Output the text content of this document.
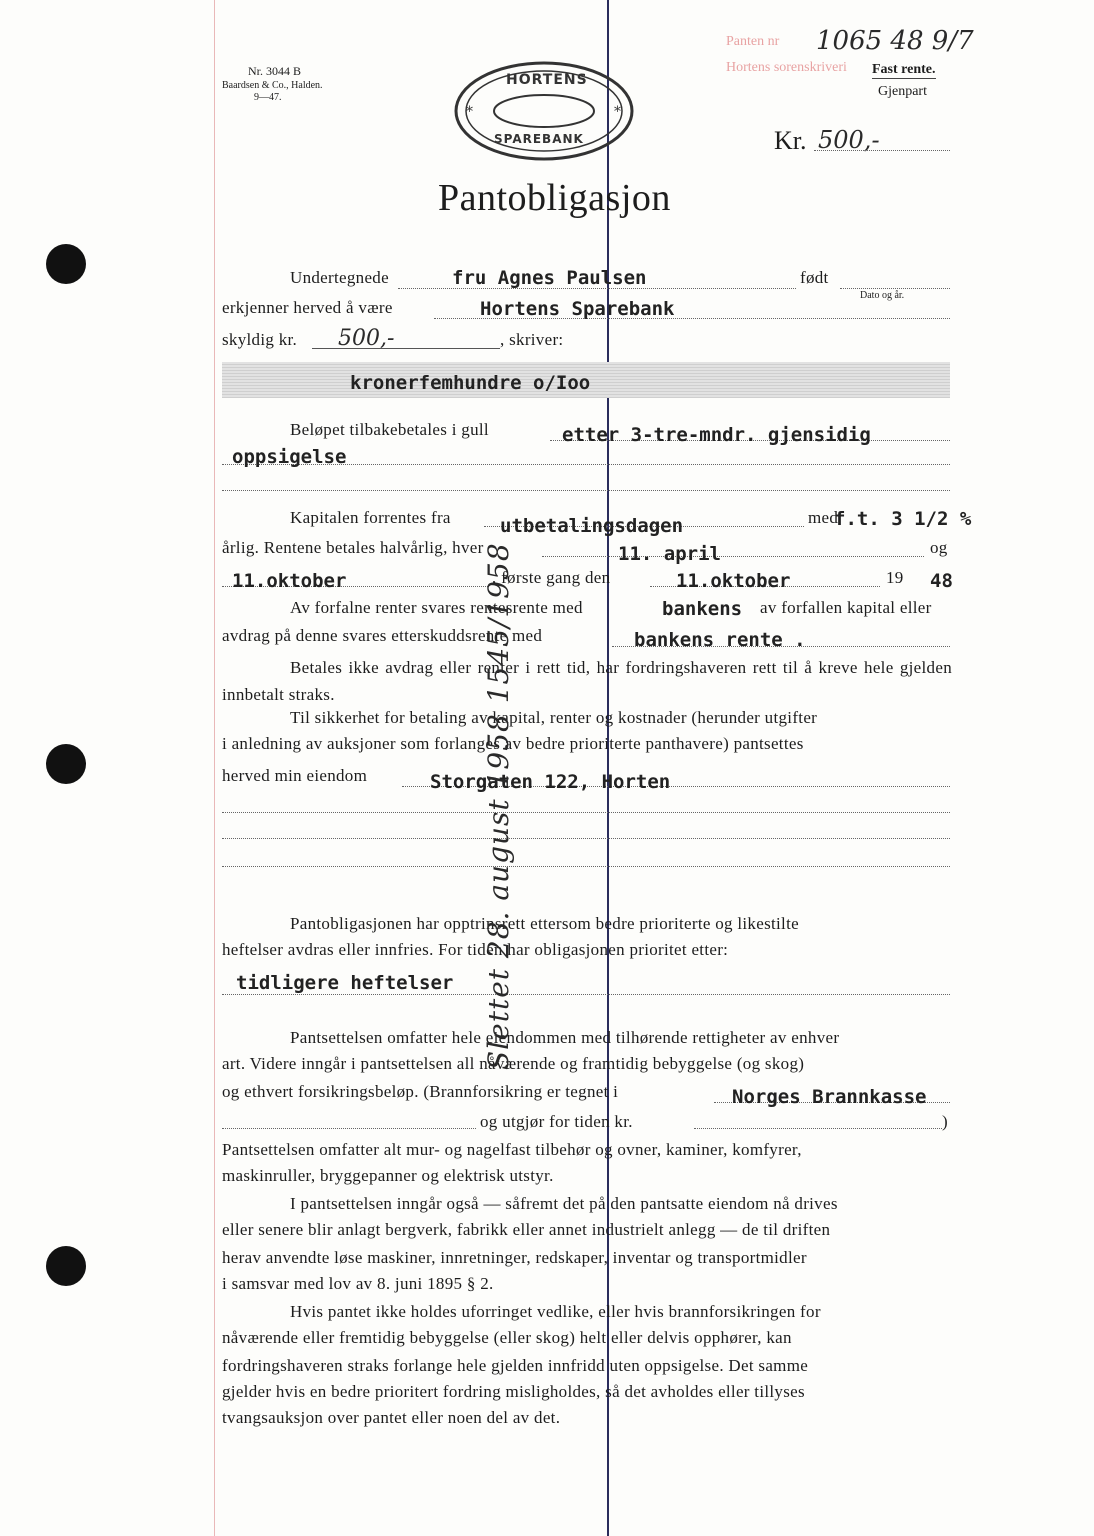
Nr. 3044 B
Baardsen & Co., Halden.
9—47.
*	*
HORTENS
SPAREBANK
Panten nr
Hortens sorenskriveri
1065 48 9/7
Fast rente.
Gjenpart
Kr. 500,-
Pantobligasjon
Undertegnede	fru Agnes Paulsen	født
Dato og år.
erkjenner herved å være	Hortens Sparebank
skyldig kr. 500,-	, skriver:
kronerfemhundre o/Ioo
Beløpet tilbakebetales i gull	etter 3-tre-mndr. gjensidig
oppsigelse
Kapitalen forrentes fra	utbetalingsdagen	med
f.t. 3 1/2 %
årlig. Rentene betales halvårlig, hver	11. april	og
11.oktober	, første gang den	11.oktober	19 48
Av forfalne renter svares rentesrente med	bankens av forfallen kapital eller
avdrag på denne svares etterskuddsrente med	bankens rente .
Betales ikke avdrag eller renter i rett tid, har fordringshaveren rett til å kreve hele gjelden innbetalt straks.
Til sikkerhet for betaling av kapital, renter og kostnader (herunder utgifter
i anledning av auksjoner som forlanges av bedre prioriterte panthavere) pantsettes
herved min eiendom	Storgaten 122, Horten
Pantobligasjonen har opptrinsrett ettersom bedre prioriterte og likestilte
heftelser avdras eller innfries. For tiden har obligasjonen prioritet etter:
tidligere heftelser
Pantsettelsen omfatter hele eiendommen med tilhørende rettigheter av enhver
art. Videre inngår i pantsettelsen all nåværende og framtidig bebyggelse (og skog)
og ethvert forsikringsbeløp. (Brannforsikring er tegnet i	Norges Brannkasse
og utgjør for tiden kr.	)
Pantsettelsen omfatter alt mur- og nagelfast tilbehør og ovner, kaminer, komfyrer,
maskinruller, bryggepanner og elektrisk utstyr.
I pantsettelsen inngår også — såfremt det på den pantsatte eiendom nå drives
eller senere blir anlagt bergverk, fabrikk eller annet industrielt anlegg — de til driften
herav anvendte løse maskiner, innretninger, redskaper, inventar og transportmidler
i samsvar med lov av 8. juni 1895 § 2.
Hvis pantet ikke holdes uforringet vedlike, eller hvis brannforsikringen for
nåværende eller fremtidig bebyggelse (eller skog) helt eller delvis opphører, kan
fordringshaveren straks forlange hele gjelden innfridd uten oppsigelse. Det samme
gjelder hvis en bedre prioritert fordring misligholdes, så det avholdes eller tillyses
tvangsauksjon over pantet eller noen del av det.
Slettet 28. august 1958 1545/1958
